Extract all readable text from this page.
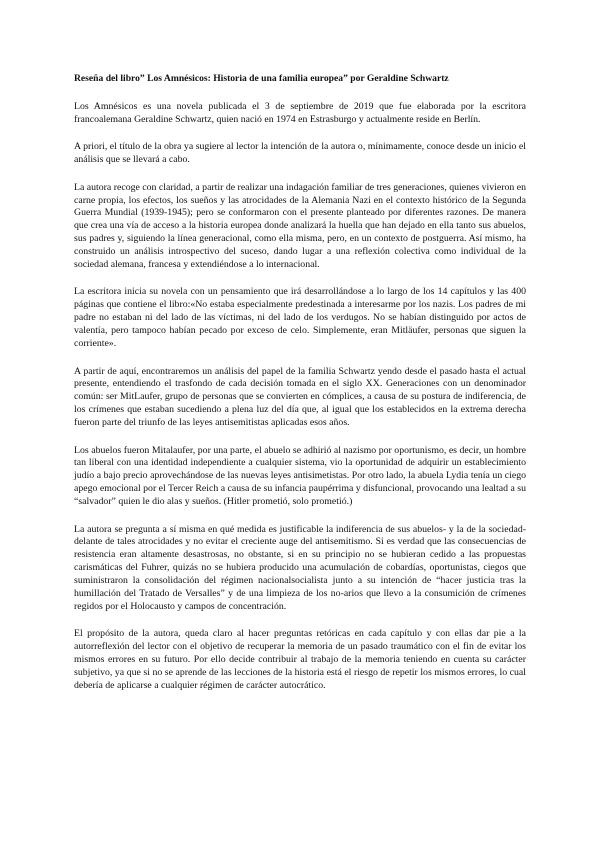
Reseña del libro” Los Amnésicos: Historia de una familia europea” por Geraldine Schwartz

Los Amnésicos es una novela publicada el 3 de septiembre de 2019 que fue elaborada por la escritora francoalemana Geraldine Schwartz, quien nació en 1974 en Estrasburgo y actualmente reside en Berlín.

A priori, el título de la obra ya sugiere al lector la intención de la autora o, mínimamente, conoce desde un inicio el análisis que se llevará a cabo.

La autora recoge con claridad, a partir de realizar una indagación familiar de tres generaciones, quienes vivieron en carne propia, los efectos, los sueños y las atrocidades de la Alemania Nazi en el contexto histórico de la Segunda Guerra Mundial (1939-1945); pero se conformaron con el presente planteado por diferentes razones. De manera que crea una vía de acceso a la historia europea donde analizará la huella que han dejado en ella tanto sus abuelos, sus padres y, siguiendo la línea generacional, como ella misma, pero, en un contexto de postguerra. Así mismo, ha construido un análisis introspectivo del suceso, dando lugar a una reflexión colectiva como individual de la sociedad alemana, francesa y extendiéndose a lo internacional.

La escritora inicia su novela con un pensamiento que irá desarrollándose a lo largo de los 14 capítulos y las 400 páginas que contiene el libro:«No estaba especialmente predestinada a interesarme por los nazis. Los padres de mi padre no estaban ni del lado de las víctimas, ni del lado de los verdugos. No se habían distinguido por actos de valentía, pero tampoco habían pecado por exceso de celo. Simplemente, eran Mitläufer, personas que siguen la corriente».

A partir de aquí, encontraremos un análisis del papel de la familia Schwartz yendo desde el pasado hasta el actual presente, entendiendo el trasfondo de cada decisión tomada en el siglo XX. Generaciones con un denominador común: ser MitLaufer, grupo de personas que se convierten en cómplices, a causa de su postura de indiferencia, de los crímenes que estaban sucediendo a plena luz del día que, al igual que los establecidos en la extrema derecha fueron parte del triunfo de las leyes antisemitistas aplicadas esos años.

Los abuelos fueron Mitalaufer, por una parte, el abuelo se adhirió al nazismo por oportunismo, es decir, un hombre tan liberal con una identidad independiente a cualquier sistema, vio la oportunidad de adquirir un establecimiento judío a bajo precio aprovechándose de las nuevas leyes antisimetistas. Por otro lado, la abuela Lydia tenía un ciego apego emocional por el Tercer Reich a causa de su infancia paupérrima y disfuncional, provocando una lealtad a su “salvador” quien le dio alas y sueños. (Hitler prometió, solo prometió.)

La autora se pregunta a sí misma en qué medida es justificable la indiferencia de sus abuelos- y la de la sociedad- delante de tales atrocidades y no evitar el creciente auge del antisemitismo. Si es verdad que las consecuencias de resistencia eran altamente desastrosas, no obstante, si en su principio no se hubieran cedido a las propuestas carismáticas del Fuhrer, quizás no se hubiera producido una acumulación de cobardías, oportunistas, ciegos que suministraron la consolidación del régimen nacionalsocialista junto a su intención de “hacer justicia tras la humillación del Tratado de Versalles” y de una limpieza de los no-arios que llevo a la consumición de crímenes regidos por el Holocausto y campos de concentración.

El propósito de la autora, queda claro al hacer preguntas retóricas en cada capítulo y con ellas dar pie a la autorreflexión del lector con el objetivo de recuperar la memoria de un pasado traumático con el fin de evitar los mismos errores en su futuro. Por ello decide contribuir al trabajo de la memoria teniendo en cuenta su carácter subjetivo, ya que si no se aprende de las lecciones de la historia está el riesgo de repetir los mismos errores, lo cual debería de aplicarse a cualquier régimen de carácter autocrático.
